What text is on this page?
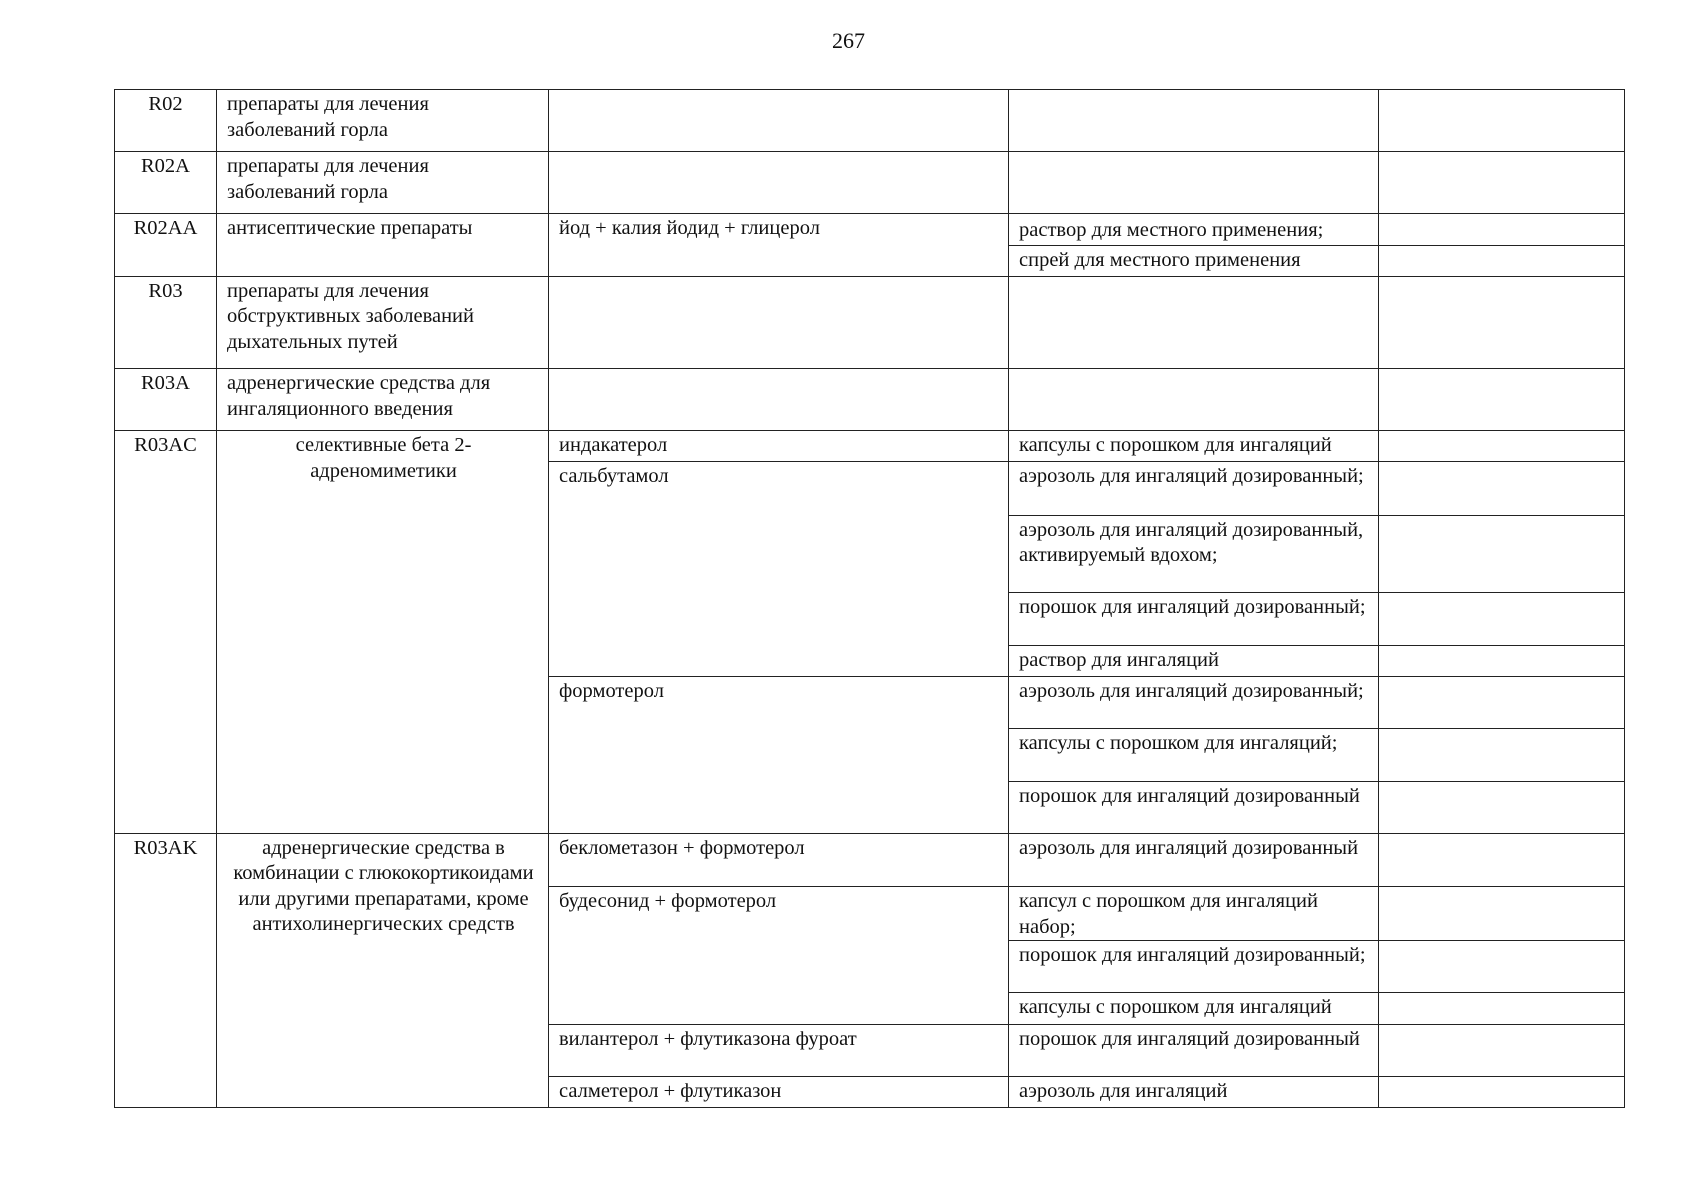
267
R02	препараты для лечения заболеваний горла			
R02A	препараты для лечения заболеваний горла			
R02AA	антисептические препараты	йод + калия йодид + глицерол	раствор для местного применения;	
			спрей для местного применения	
R03	препараты для лечения обструктивных заболеваний дыхательных путей			
R03A	адренергические средства для ингаляционного введения			
R03AC	селективные бета 2-адреномиметики	индакатерол	капсулы с порошком для ингаляций	
		сальбутамол	аэрозоль для ингаляций дозированный;	
			аэрозоль для ингаляций дозированный, активируемый вдохом;	
			порошок для ингаляций дозированный;	
			раствор для ингаляций	
		формотерол	аэрозоль для ингаляций дозированный;	
			капсулы с порошком для ингаляций;	
			порошок для ингаляций дозированный	
R03AK	адренергические средства в комбинации с глюкокортикоидами или другими препаратами, кроме антихолинергических средств	беклометазон + формотерол	аэрозоль для ингаляций дозированный	
		будесонид + формотерол	капсул с порошком для ингаляций набор;	
			порошок для ингаляций дозированный;	
			капсулы с порошком для ингаляций	
		вилантерол + флутиказона фуроат	порошок для ингаляций дозированный	
		салметерол + флутиказон	аэрозоль для ингаляций	
